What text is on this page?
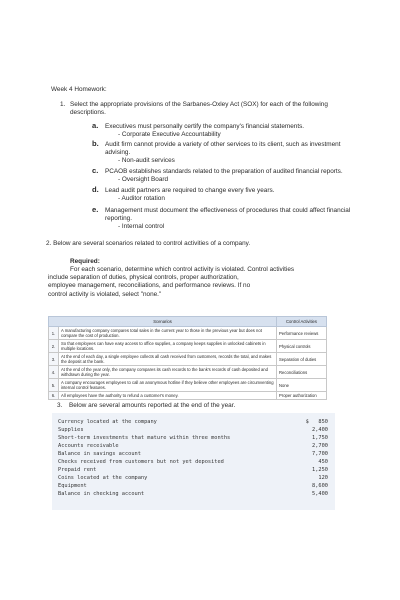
Week 4 Homework:
1. Select the appropriate provisions of the Sarbanes-Oxley Act (SOX) for each of the following descriptions.
a. Executives must personally certify the company's financial statements.
- Corporate Executive Accountability
b. Audit firm cannot provide a variety of other services to its client, such as investment advising.
- Non-audit services
c. PCAOB establishes standards related to the preparation of audited financial reports.
- Oversight Board
d. Lead audit partners are required to change every five years.
- Auditor rotation
e. Management must document the effectiveness of procedures that could affect financial reporting.
- Internal control
2. Below are several scenarios related to control activities of a company.
Required:
For each scenario, determine which control activity is violated. Control activities
include separation of duties, physical controls, proper authorization,
employee management, reconciliations, and performance reviews. If no
control activity is violated, select "none."
Scenarios		Control Activities
1.	A manufacturing company compares total sales in the current year to those in the previous year but does not compare the cost of production.	Performance reviews
2.	So that employees can have easy access to office supplies, a company keeps supplies in unlocked cabinets in multiple locations.	Physical controls
3.	At the end of each day, a single employee collects all cash received from customers, records the total, and makes the deposit at the bank.	Separation of duties
4.	At the end of the year only, the company compares its cash records to the bank's records of cash deposited and withdrawn during the year.	Reconciliations
5.	A company encourages employees to call an anonymous hotline if they believe other employees are circumventing internal control features.	None
6.	All employees have the authority to refund a customer's money.	Proper authorization
3. Below are several amounts reported at the end of the year.
Currency located at the company	$   850
Supplies	2,400
Short-term investments that mature within three months	1,750
Accounts receivable	2,700
Balance in savings account	7,700
Checks received from customers but not yet deposited	450
Prepaid rent	1,250
Coins located at the company	120
Equipment	8,600
Balance in checking account	5,400
